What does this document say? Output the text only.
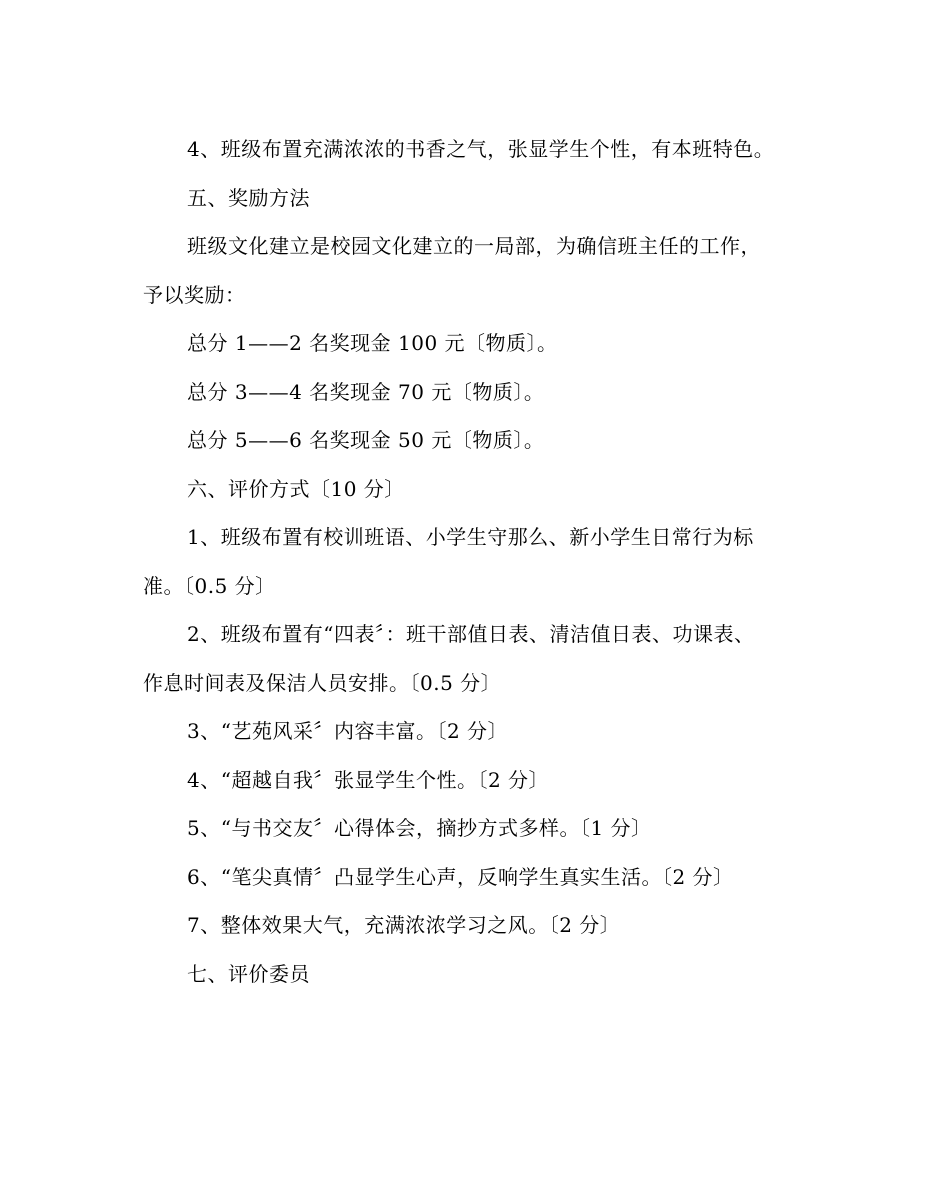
4、班级布置充满浓浓的书香之气，张显学生个性，有本班特色。
五、奖励方法
班级文化建立是校园文化建立的一局部，为确信班主任的工作，
予以奖励：
总分 1——2 名奖现金 100 元〔物质〕。
总分 3——4 名奖现金 70 元〔物质〕。
总分 5——6 名奖现金 50 元〔物质〕。
六、评价方式〔10 分〕
1、班级布置有校训班语、小学生守那么、新小学生日常行为标
准。〔0.5 分〕
2、班级布置有“四表〞：班干部值日表、清洁值日表、功课表、
作息时间表及保洁人员安排。〔0.5 分〕
3、“艺苑风采〞内容丰富。〔2 分〕
4、“超越自我〞张显学生个性。〔2 分〕
5、“与书交友〞心得体会，摘抄方式多样。〔1 分〕
6、“笔尖真情〞凸显学生心声，反响学生真实生活。〔2 分〕
7、整体效果大气，充满浓浓学习之风。〔2 分〕
七、评价委员
